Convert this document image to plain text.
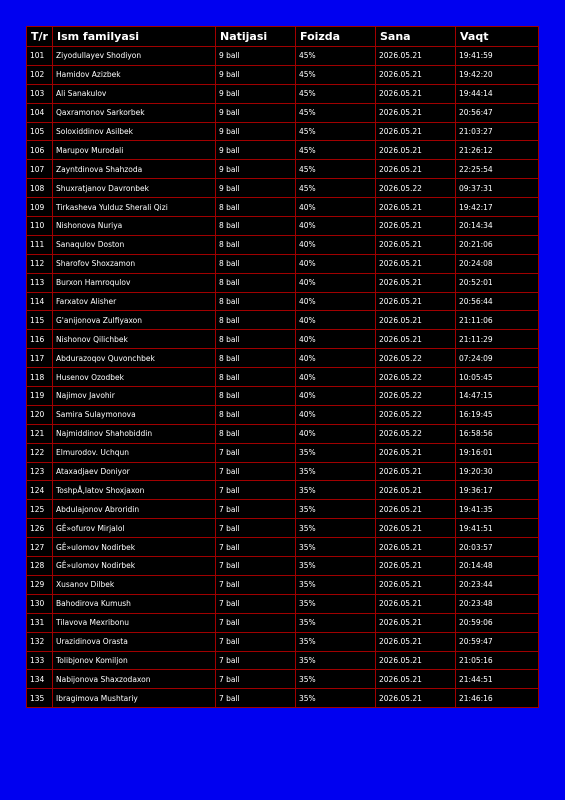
T/r	Ism familyasi	Natijasi	Foizda	Sana	Vaqt
101	Ziyodullayev Shodiyon	9 ball	45%	2026.05.21	19:41:59
102	Hamidov Azizbek	9 ball	45%	2026.05.21	19:42:20
103	Ali Sanakulov	9 ball	45%	2026.05.21	19:44:14
104	Qaxramonov Sarkorbek	9 ball	45%	2026.05.21	20:56:47
105	Soloxiddinov Asilbek	9 ball	45%	2026.05.21	21:03:27
106	Marupov Murodali	9 ball	45%	2026.05.21	21:26:12
107	Zayntdinova Shahzoda	9 ball	45%	2026.05.21	22:25:54
108	Shuxratjanov Davronbek	9 ball	45%	2026.05.22	09:37:31
109	Tirkasheva Yulduz Sherali Qizi	8 ball	40%	2026.05.21	19:42:17
110	Nishonova Nuriya	8 ball	40%	2026.05.21	20:14:34
111	Sanaqulov Doston	8 ball	40%	2026.05.21	20:21:06
112	Sharofov Shoxzamon	8 ball	40%	2026.05.21	20:24:08
113	Burxon Hamroqulov	8 ball	40%	2026.05.21	20:52:01
114	Farxatov Alisher	8 ball	40%	2026.05.21	20:56:44
115	G'anijonova Zulfiyaxon	8 ball	40%	2026.05.21	21:11:06
116	Nishonov Qilichbek	8 ball	40%	2026.05.21	21:11:29
117	Abdurazoqov Quvonchbek	8 ball	40%	2026.05.22	07:24:09
118	Husenov Ozodbek	8 ball	40%	2026.05.22	10:05:45
119	Najimov Javohir	8 ball	40%	2026.05.22	14:47:15
120	Samira Sulaymonova	8 ball	40%	2026.05.22	16:19:45
121	Najmiddinov Shahobiddin	8 ball	40%	2026.05.22	16:58:56
122	Elmurodov. Uchqun	7 ball	35%	2026.05.21	19:16:01
123	Ataxadjaev Doniyor	7 ball	35%	2026.05.21	19:20:30
124	ToshpÅ‚latov Shoxjaxon	7 ball	35%	2026.05.21	19:36:17
125	Abdulajonov Abroridin	7 ball	35%	2026.05.21	19:41:35
126	GÊ»ofurov Mirjalol	7 ball	35%	2026.05.21	19:41:51
127	GÊ»ulomov Nodirbek	7 ball	35%	2026.05.21	20:03:57
128	GÊ»ulomov Nodirbek	7 ball	35%	2026.05.21	20:14:48
129	Xusanov Dilbek	7 ball	35%	2026.05.21	20:23:44
130	Bahodirova Kumush	7 ball	35%	2026.05.21	20:23:48
131	Tilavova Mexribonu	7 ball	35%	2026.05.21	20:59:06
132	Urazidinova Orasta	7 ball	35%	2026.05.21	20:59:47
133	Tolibjonov Komiljon	7 ball	35%	2026.05.21	21:05:16
134	Nabijonova Shaxzodaxon	7 ball	35%	2026.05.21	21:44:51
135	Ibragimova Mushtariy	7 ball	35%	2026.05.21	21:46:16
